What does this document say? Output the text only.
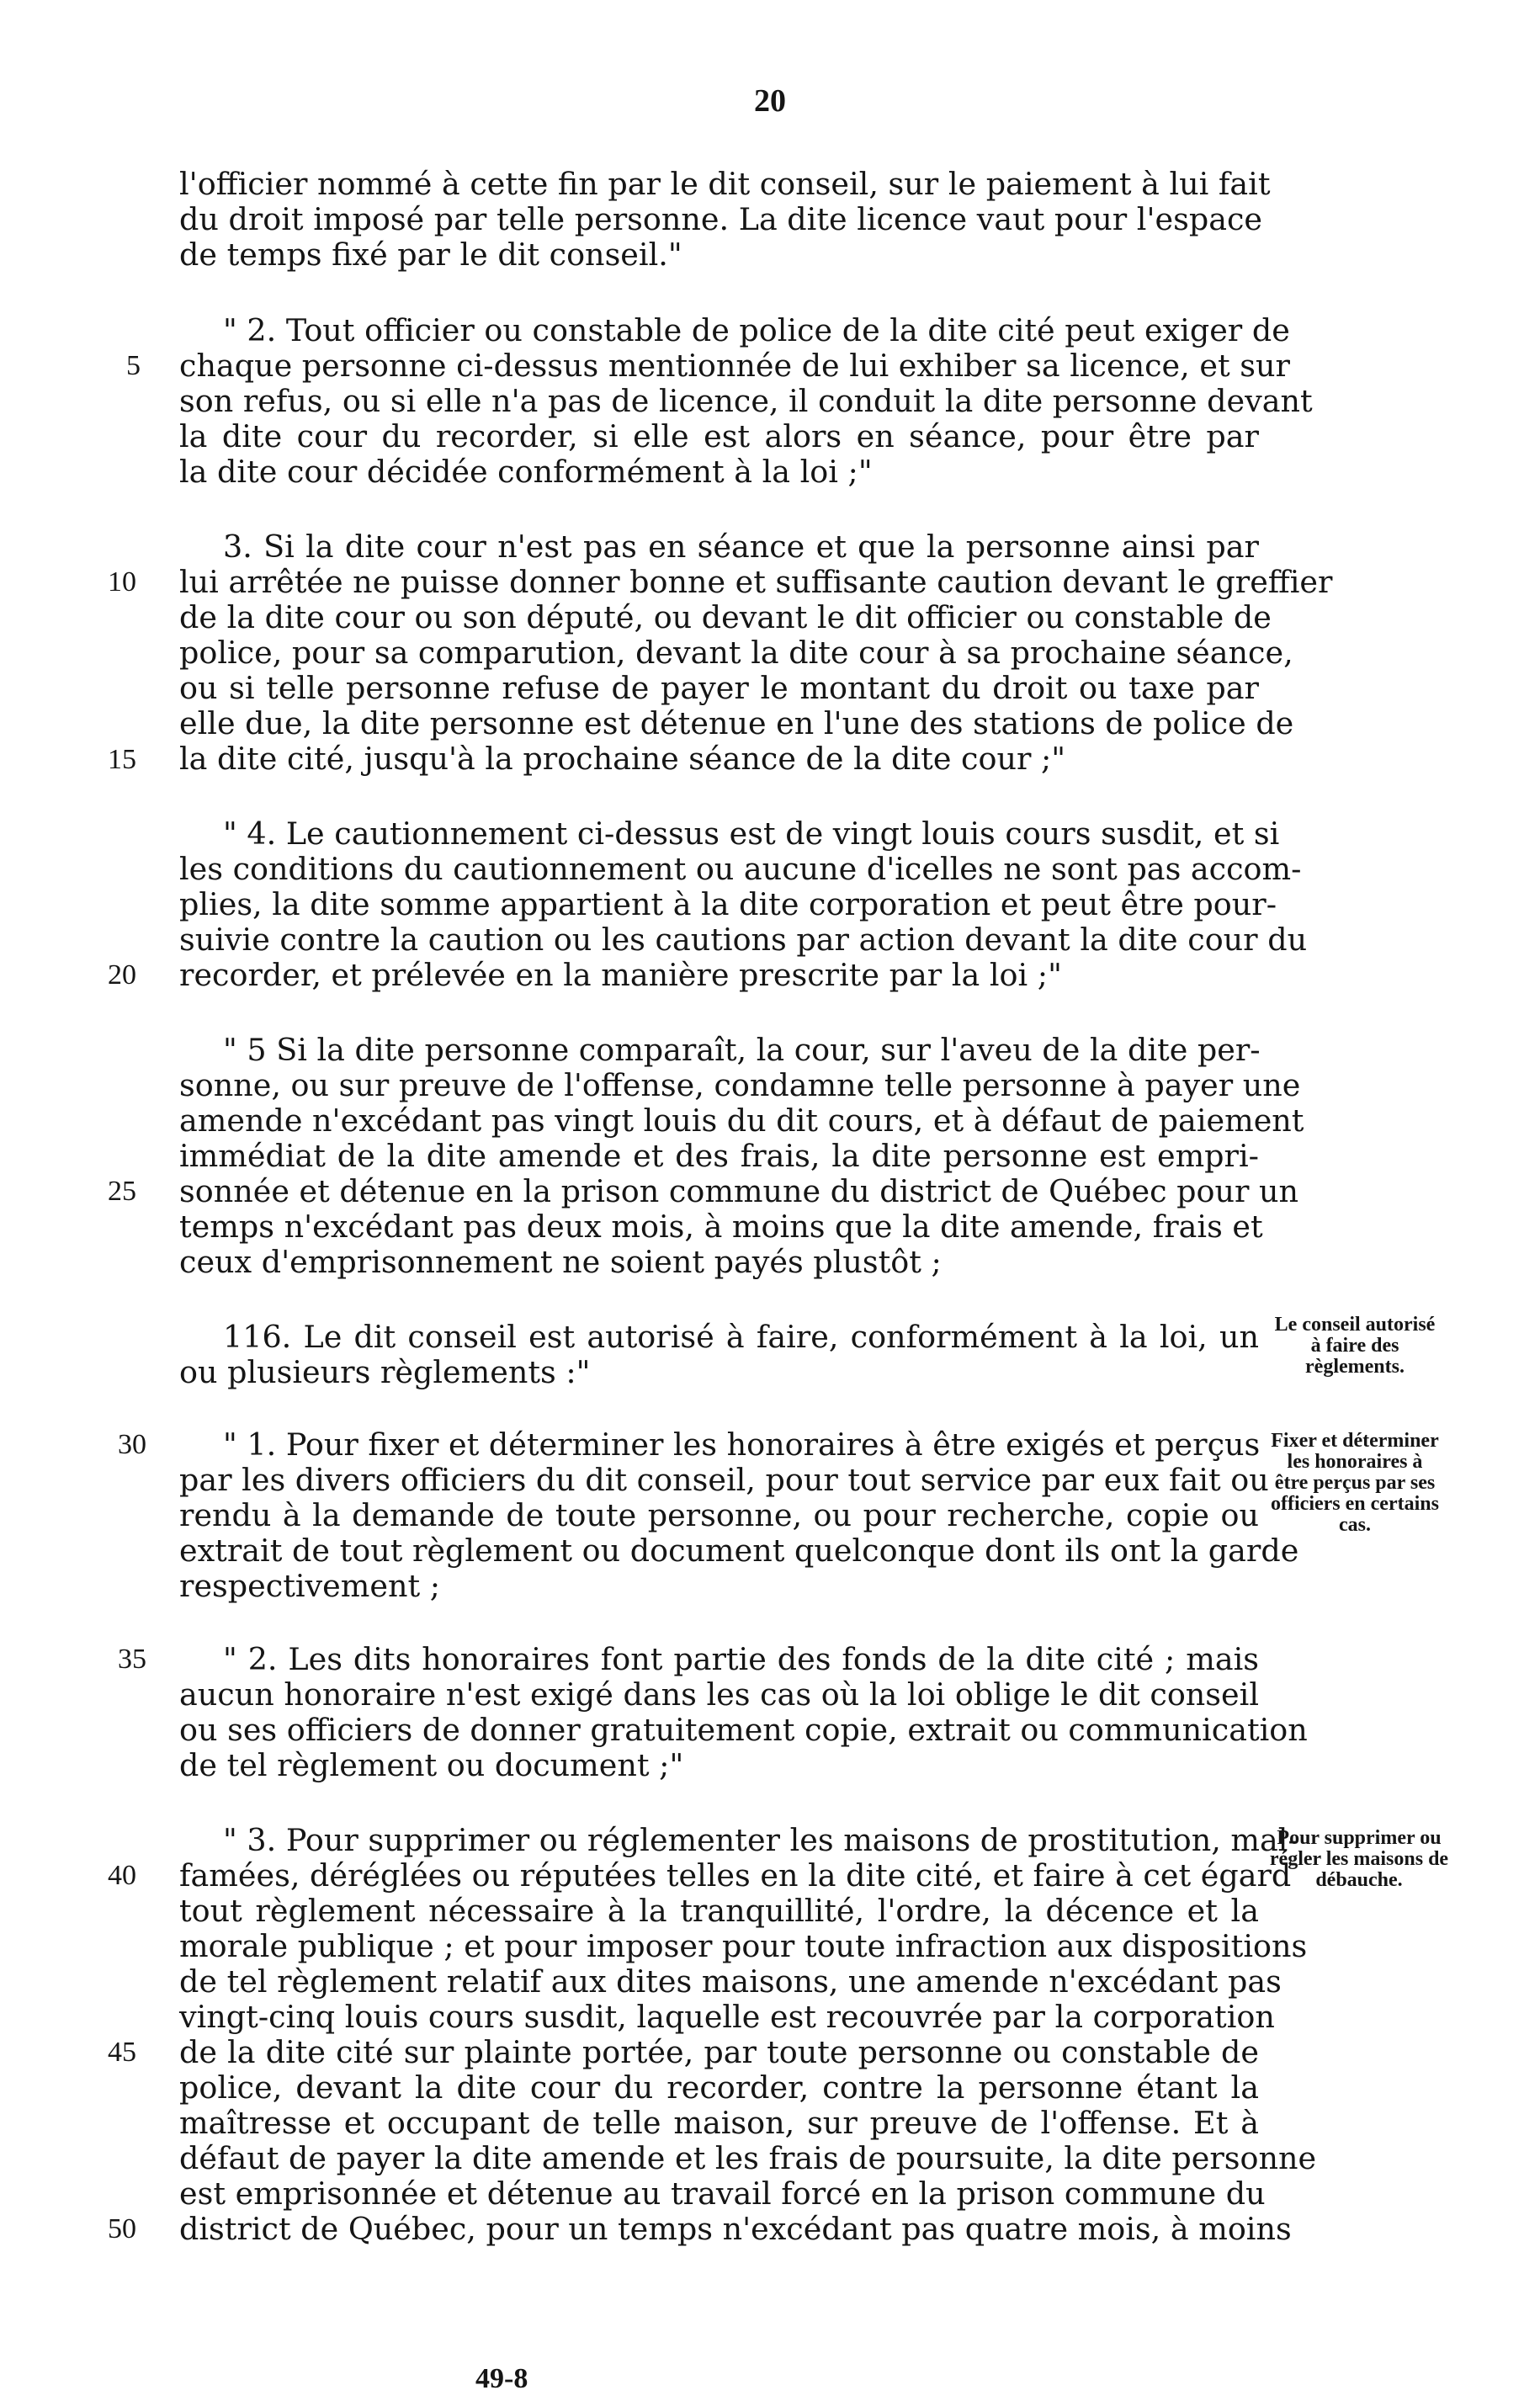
20
l'officier nommé à cette fin par le dit conseil, sur le paiement à lui fait
du droit imposé par telle personne. La dite licence vaut pour l'espace
de temps fixé par le dit conseil."
" 2. Tout officier ou constable de police de la dite cité peut exiger de
chaque personne ci-dessus mentionnée de lui exhiber sa licence, et sur
son refus, ou si elle n'a pas de licence, il conduit la dite personne devant
la dite cour du recorder, si elle est alors en séance, pour être par
la dite cour décidée conformément à la loi ;"
3. Si la dite cour n'est pas en séance et que la personne ainsi par
lui arrêtée ne puisse donner bonne et suffisante caution devant le greffier
de la dite cour ou son député, ou devant le dit officier ou constable de
police, pour sa comparution, devant la dite cour à sa prochaine séance,
ou si telle personne refuse de payer le montant du droit ou taxe par
elle due, la dite personne est détenue en l'une des stations de police de
la dite cité, jusqu'à la prochaine séance de la dite cour ;"
" 4. Le cautionnement ci-dessus est de vingt louis cours susdit, et si
les conditions du cautionnement ou aucune d'icelles ne sont pas accom-
plies, la dite somme appartient à la dite corporation et peut être pour-
suivie contre la caution ou les cautions par action devant la dite cour du
recorder, et prélevée en la manière prescrite par la loi ;"
" 5 Si la dite personne comparaît, la cour, sur l'aveu de la dite per-
sonne, ou sur preuve de l'offense, condamne telle personne à payer une
amende n'excédant pas vingt louis du dit cours, et à défaut de paiement
immédiat de la dite amende et des frais, la dite personne est empri-
sonnée et détenue en la prison commune du district de Québec pour un
temps n'excédant pas deux mois, à moins que la dite amende, frais et
ceux d'emprisonnement ne soient payés plustôt ;
116. Le dit conseil est autorisé à faire, conformément à la loi, un
ou plusieurs règlements :"
" 1. Pour fixer et déterminer les honoraires à être exigés et perçus
par les divers officiers du dit conseil, pour tout service par eux fait ou
rendu à la demande de toute personne, ou pour recherche, copie ou
extrait de tout règlement ou document quelconque dont ils ont la garde
respectivement ;
" 2. Les dits honoraires font partie des fonds de la dite cité ; mais
aucun honoraire n'est exigé dans les cas où la loi oblige le dit conseil
ou ses officiers de donner gratuitement copie, extrait ou communication
de tel règlement ou document ;"
" 3. Pour supprimer ou réglementer les maisons de prostitution, mal-
famées, déréglées ou réputées telles en la dite cité, et faire à cet égard
tout règlement nécessaire à la tranquillité, l'ordre, la décence et la
morale publique ; et pour imposer pour toute infraction aux dispositions
de tel règlement relatif aux dites maisons, une amende n'excédant pas
vingt-cinq louis cours susdit, laquelle est recouvrée par la corporation
de la dite cité sur plainte portée, par toute personne ou constable de
police, devant la dite cour du recorder, contre la personne étant la
maîtresse et occupant de telle maison, sur preuve de l'offense. Et à
défaut de payer la dite amende et les frais de poursuite, la dite personne
est emprisonnée et détenue au travail forcé en la prison commune du
district de Québec, pour un temps n'excédant pas quatre mois, à moins
5
10
15
20
25
30
35
40
45
50
Le conseil autorisé à faire des règlements.
Fixer et déterminer les honoraires à être perçus par ses officiers en certains cas.
Pour supprimer ou régler les maisons de débauche.
49-8
